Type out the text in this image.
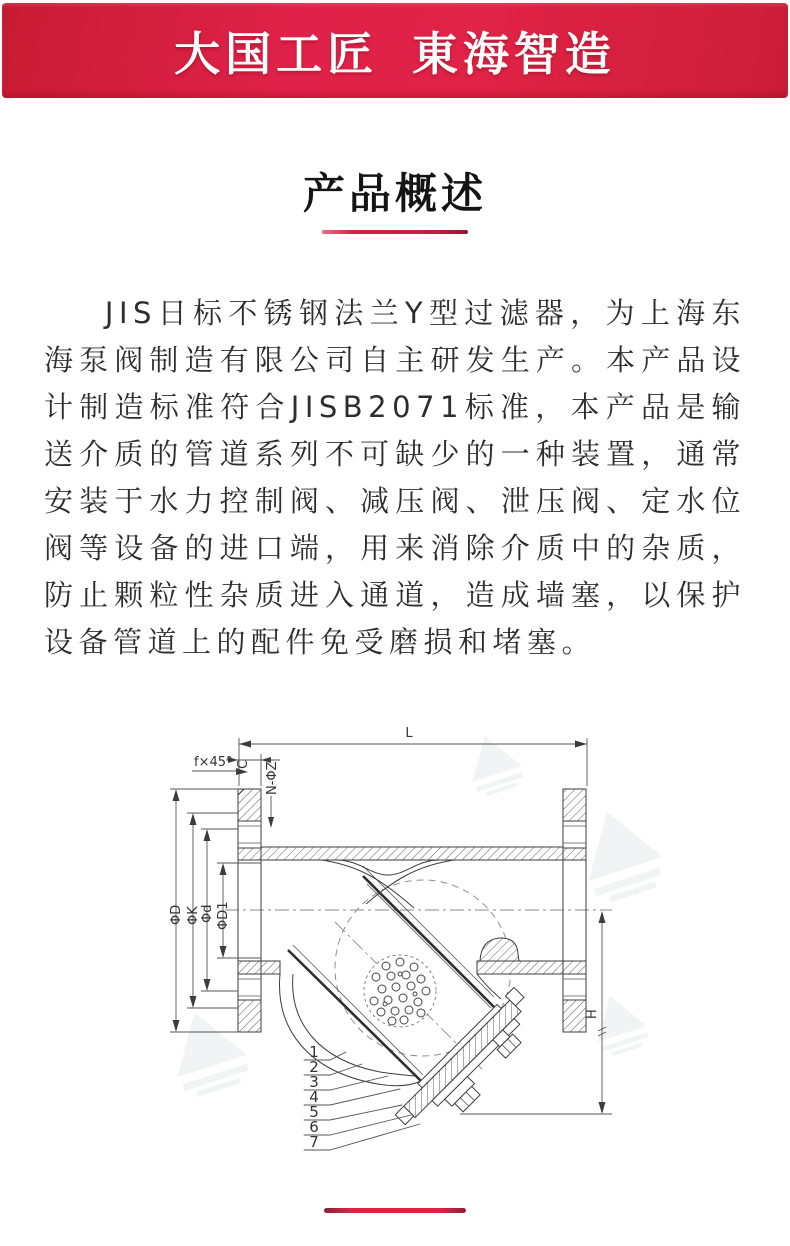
大国工匠 東海智造
产品概述
JIS日标不锈钢法兰Y型过滤器，为上海东海泵阀制造有限公司自主研发生产。本产品设计制造标准符合JISB2071标准，本产品是输送介质的管道系列不可缺少的一种装置，通常安装于水力控制阀、减压阀、泄压阀、定水位阀等设备的进口端，用来消除介质中的杂质，防止颗粒性杂质进入通道，造成墙塞，以保护设备管道上的配件免受磨损和堵塞。
L
C
f×45° N-ΦZ
ΦD ΦK Φd ΦD1
H
1
2
3
4
5
6
7
